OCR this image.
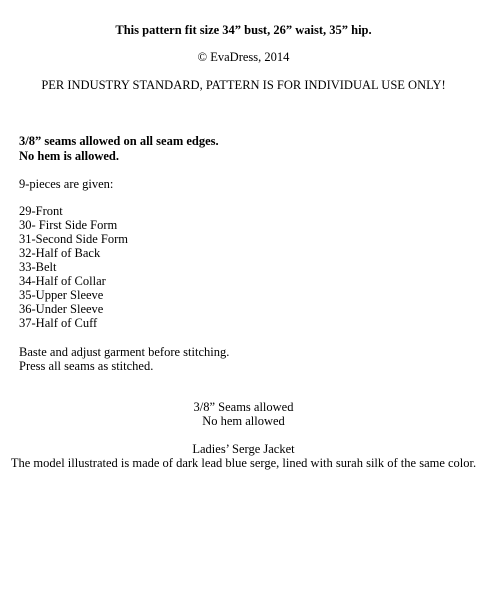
This pattern fit size 34” bust, 26” waist, 35” hip.
© EvaDress, 2014
PER INDUSTRY STANDARD, PATTERN IS FOR INDIVIDUAL USE ONLY!
3/8” seams allowed on all seam edges.
No hem is allowed.
9-pieces are given:
29-Front
30- First Side Form
31-Second Side Form
32-Half of Back
33-Belt
34-Half of Collar
35-Upper Sleeve
36-Under Sleeve
37-Half of Cuff
Baste and adjust garment before stitching.
Press all seams as stitched.
3/8” Seams allowed
No hem allowed
Ladies’ Serge Jacket
The model illustrated is made of dark lead blue serge, lined with surah silk of the same color.
